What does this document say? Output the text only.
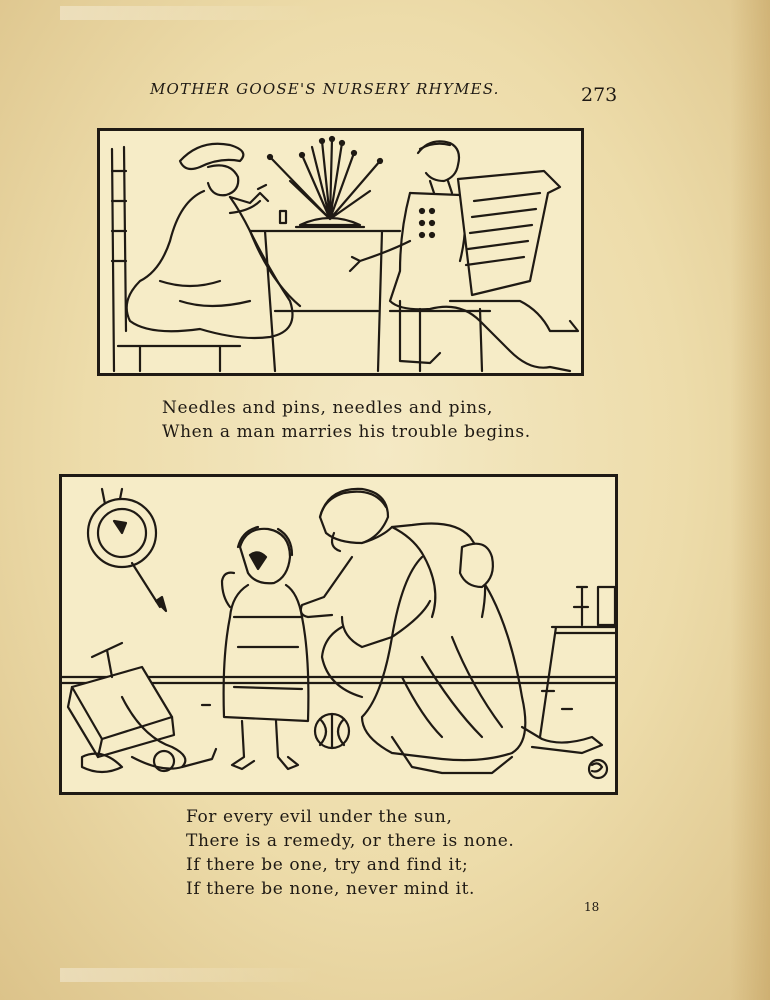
MOTHER GOOSE'S NURSERY RHYMES.	273
Needles and pins, needles and pins,
When a man marries his trouble begins.
For every evil under the sun,
There is a remedy, or there is none.
If there be one, try and find it;
If there be none, never mind it.
18
